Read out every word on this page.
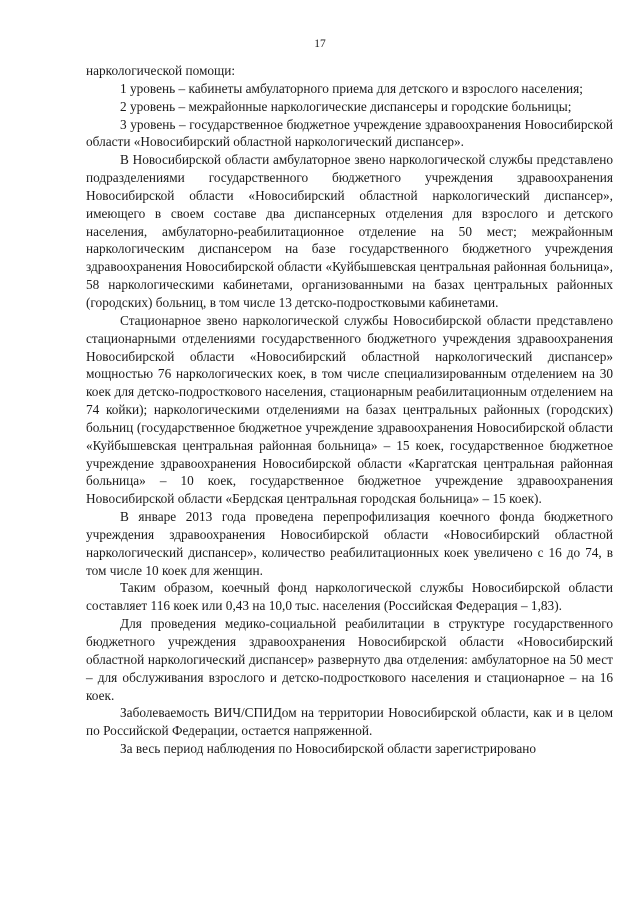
17

наркологической помощи:

1 уровень – кабинеты амбулаторного приема для детского и взрослого населения;

2 уровень – межрайонные наркологические диспансеры и городские больницы;

3 уровень – государственное бюджетное учреждение здравоохранения Новосибирской области «Новосибирский областной наркологический диспансер».

В Новосибирской области амбулаторное звено наркологической службы представлено подразделениями государственного бюджетного учреждения здравоохранения Новосибирской области «Новосибирский областной наркологический диспансер», имеющего в своем составе два диспансерных отделения для взрослого и детского населения, амбулаторно-реабилитационное отделение на 50 мест; межрайонным наркологическим диспансером на базе государственного бюджетного учреждения здравоохранения Новосибирской области «Куйбышевская центральная районная больница», 58 наркологическими кабинетами, организованными на базах центральных районных (городских) больниц, в том числе 13 детско-подростковыми кабинетами.

Стационарное звено наркологической службы Новосибирской области представлено стационарными отделениями государственного бюджетного учреждения здравоохранения Новосибирской области «Новосибирский областной наркологический диспансер» мощностью 76 наркологических коек, в том числе специализированным отделением на 30 коек для детско-подросткового населения, стационарным реабилитационным отделением на 74 койки); наркологическими отделениями на базах центральных районных (городских) больниц (государственное бюджетное учреждение здравоохранения Новосибирской области «Куйбышевская центральная районная больница» – 15 коек, государственное бюджетное учреждение здравоохранения Новосибирской области «Каргатская центральная районная больница» – 10 коек, государственное бюджетное учреждение здравоохранения Новосибирской области «Бердская центральная городская больница» – 15 коек).

В январе 2013 года проведена перепрофилизация коечного фонда бюджетного учреждения здравоохранения Новосибирской области «Новосибирский областной наркологический диспансер», количество реабилитационных коек увеличено с 16 до 74, в том числе 10 коек для женщин.

Таким образом, коечный фонд наркологической службы Новосибирской области составляет 116 коек или 0,43 на 10,0 тыс. населения (Российская Федерация – 1,83).

Для проведения медико-социальной реабилитации в структуре государственного бюджетного учреждения здравоохранения Новосибирской области «Новосибирский областной наркологический диспансер» развернуто два отделения: амбулаторное на 50 мест – для обслуживания взрослого и детско-подросткового населения и стационарное – на 16 коек.

Заболеваемость ВИЧ/СПИДом на территории Новосибирской области, как и в целом по Российской Федерации, остается напряженной.

За весь период наблюдения по Новосибирской области зарегистрировано
